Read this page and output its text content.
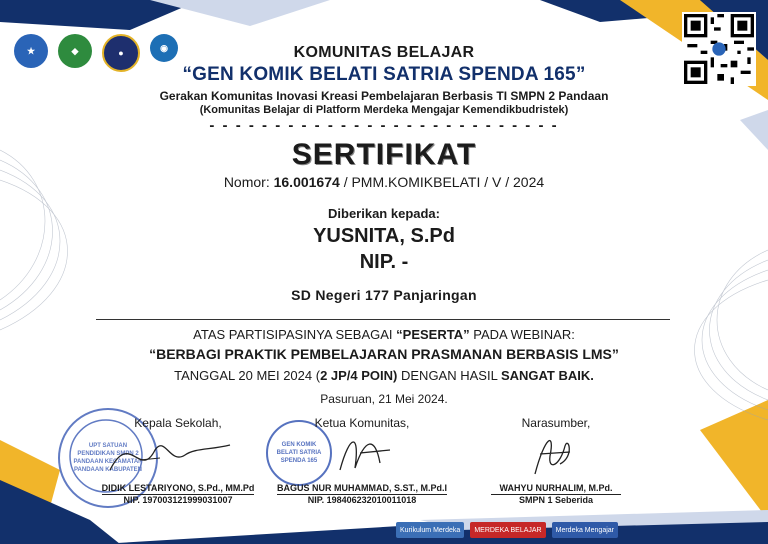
★	◆	●
◉	KOMUNITAS BELAJAR
“GEN KOMIK BELATI SATRIA SPENDA 165”
Gerakan Komunitas Inovasi Kreasi Pembelajaran Berbasis TI SMPN 2 Pandaan
(Komunitas Belajar di Platform Merdeka Mengajar Kemendikbudristek)
- - - - - - - - - - - - - - - - - - - - - - - - - - -
SERTIFIKAT
Nomor: 16.001674 / PMM.KOMIKBELATI / V / 2024
Diberikan kepada:
YUSNITA, S.Pd
NIP. -
SD Negeri 177 Panjaringan
ATAS PARTISIPASINYA SEBAGAI “PESERTA” PADA WEBINAR:
“BERBAGI PRAKTIK PEMBELAJARAN PRASMANAN BERBASIS LMS”
TANGGAL 20 MEI 2024 (2 JP/4 POIN) DENGAN HASIL SANGAT BAIK.
Pasuruan, 21 Mei 2024.
UPT SATUAN PENDIDIKAN SMPN 2 PANDAAN KECAMATAN PANDAAN KABUPATEN
GEN KOMIK BELATI SATRIA SPENDA 165
Kepala Sekolah,
DIDIK LESTARIYONO, S.Pd., MM.Pd
NIP. 197003121999031007
Ketua Komunitas,
BAGUS NUR MUHAMMAD, S.ST., M.Pd.I
NIP. 198406232010011018
Narasumber,
WAHYU NURHALIM, M.Pd.
SMPN 1 Seberida
Kurikulum Merdeka	MERDEKA BELAJAR	Merdeka Mengajar
